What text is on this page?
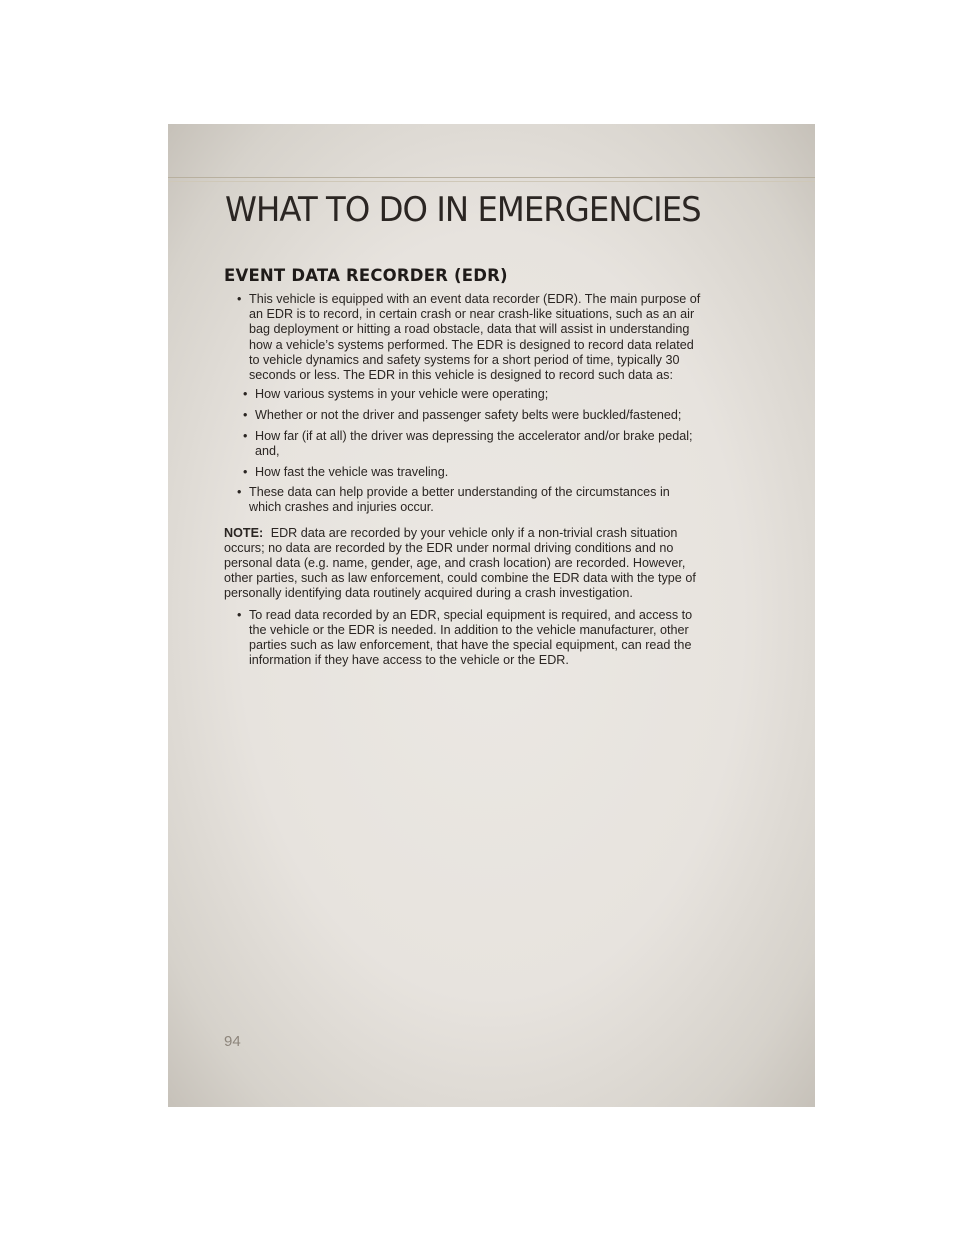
WHAT TO DO IN EMERGENCIES
EVENT DATA RECORDER (EDR)
• This vehicle is equipped with an event data recorder (EDR). The main purpose of an EDR is to record, in certain crash or near crash-like situations, such as an air bag deployment or hitting a road obstacle, data that will assist in understanding how a vehicle’s systems performed. The EDR is designed to record data related to vehicle dynamics and safety systems for a short period of time, typically 30 seconds or less. The EDR in this vehicle is designed to record such data as:
• How various systems in your vehicle were operating;
• Whether or not the driver and passenger safety belts were buckled/fastened;
• How far (if at all) the driver was depressing the accelerator and/or brake pedal; and,
• How fast the vehicle was traveling.
• These data can help provide a better understanding of the circumstances in which crashes and injuries occur.
NOTE: EDR data are recorded by your vehicle only if a non-trivial crash situation occurs; no data are recorded by the EDR under normal driving conditions and no personal data (e.g. name, gender, age, and crash location) are recorded. However, other parties, such as law enforcement, could combine the EDR data with the type of personally identifying data routinely acquired during a crash investigation.
• To read data recorded by an EDR, special equipment is required, and access to the vehicle or the EDR is needed. In addition to the vehicle manufacturer, other parties such as law enforcement, that have the special equipment, can read the information if they have access to the vehicle or the EDR.
94
